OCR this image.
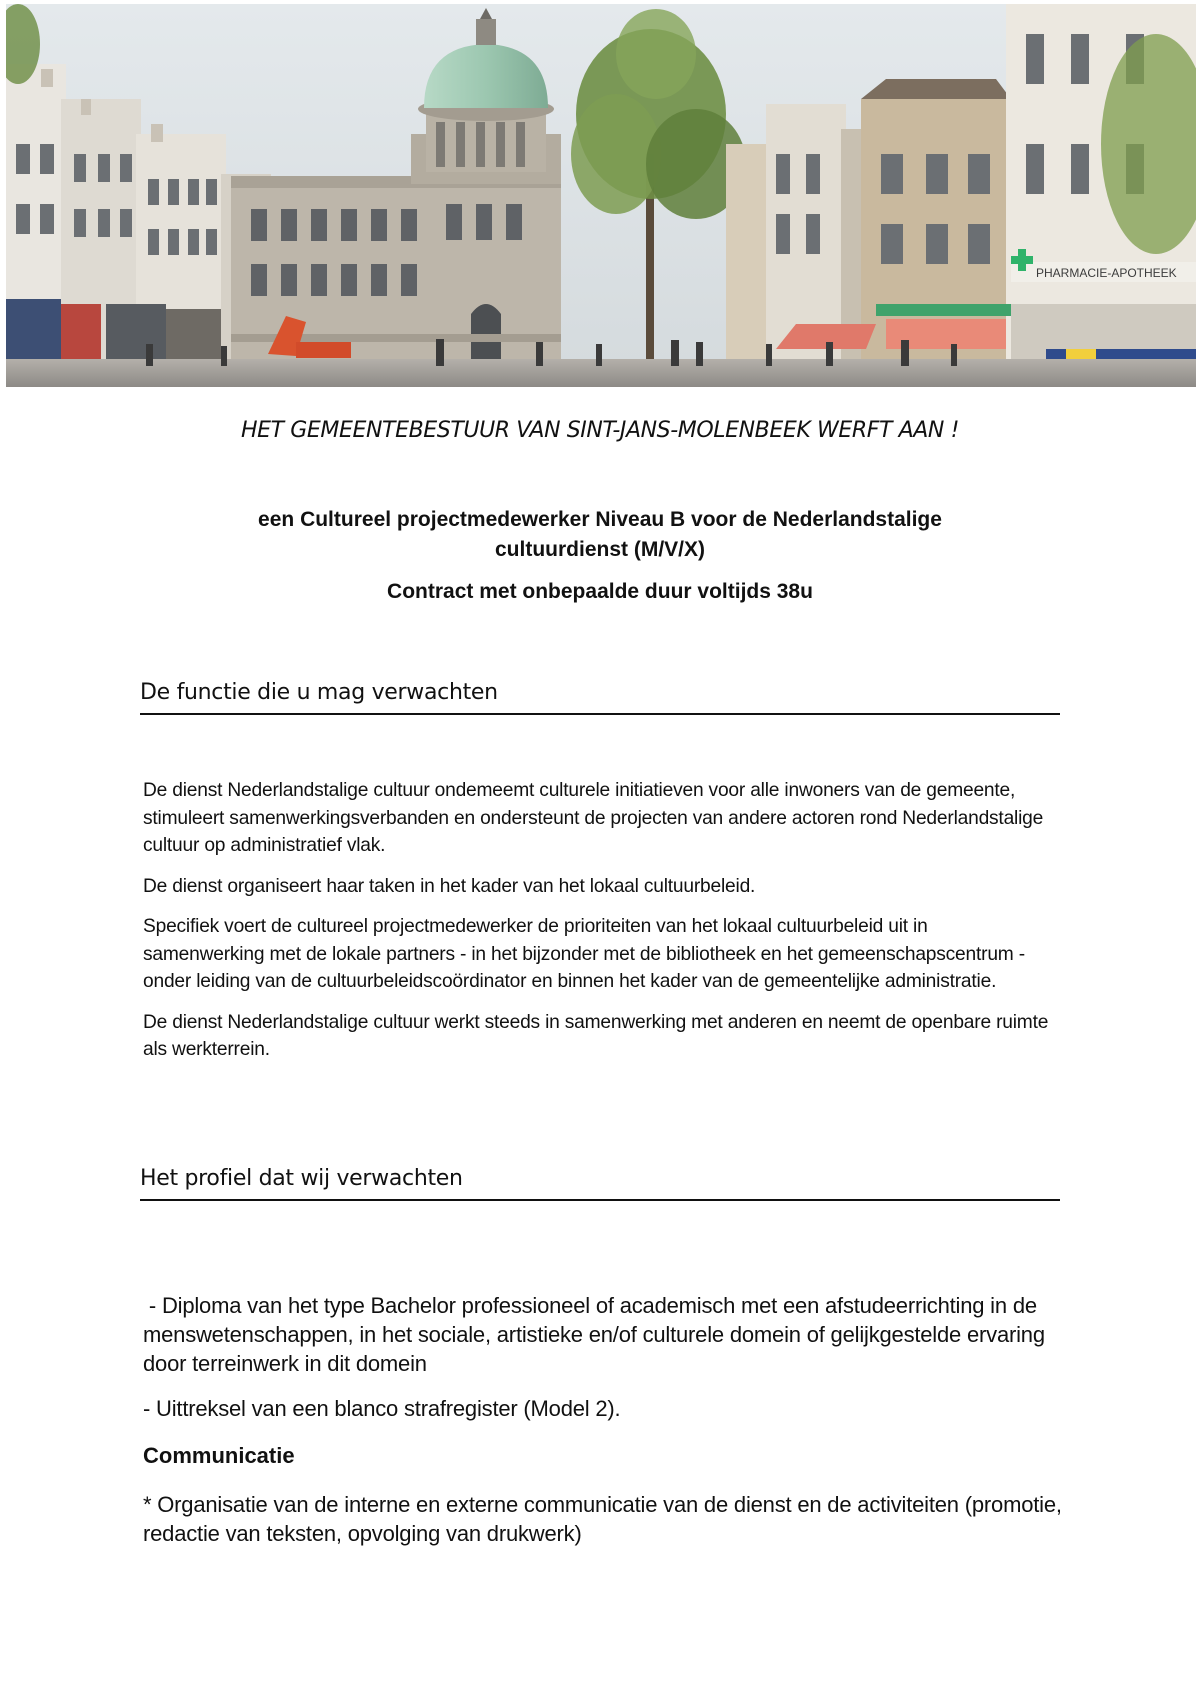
PHARMACIE-APOTHEEK
HET GEMEENTEBESTUUR VAN SINT-JANS-MOLENBEEK WERFT AAN !
een Cultureel projectmedewerker Niveau B voor de Nederlandstalige
cultuurdienst (M/V/X)
Contract met onbepaalde duur voltijds 38u
De functie die u mag verwachten

De dienst Nederlandstalige cultuur ondemeemt culturele initiatieven voor alle inwoners van de gemeente, stimuleert samenwerkingsverbanden en ondersteunt de projecten van andere actoren rond Nederlandstalige cultuur op administratief vlak.

De dienst organiseert haar taken in het kader van het lokaal cultuurbeleid.

Specifiek voert de cultureel projectmedewerker de prioriteiten van het lokaal cultuurbeleid uit in samenwerking met de lokale partners - in het bijzonder met de bibliotheek en het gemeenschapscentrum - onder leiding van de cultuurbeleidscoördinator en binnen het kader van de gemeentelijke administratie.

De dienst Nederlandstalige cultuur werkt steeds in samenwerking met anderen en neemt de openbare ruimte als werkterrein.

Het profiel dat wij verwachten

- Diploma van het type Bachelor professioneel of academisch met een afstudeerrichting in de menswetenschappen, in het sociale, artistieke en/of culturele domein of gelijkgestelde ervaring door terreinwerk in dit domein

- Uittreksel van een blanco strafregister (Model 2).

Communicatie

* Organisatie van de interne en externe communicatie van de dienst en de activiteiten (promotie, redactie van teksten, opvolging van drukwerk)
